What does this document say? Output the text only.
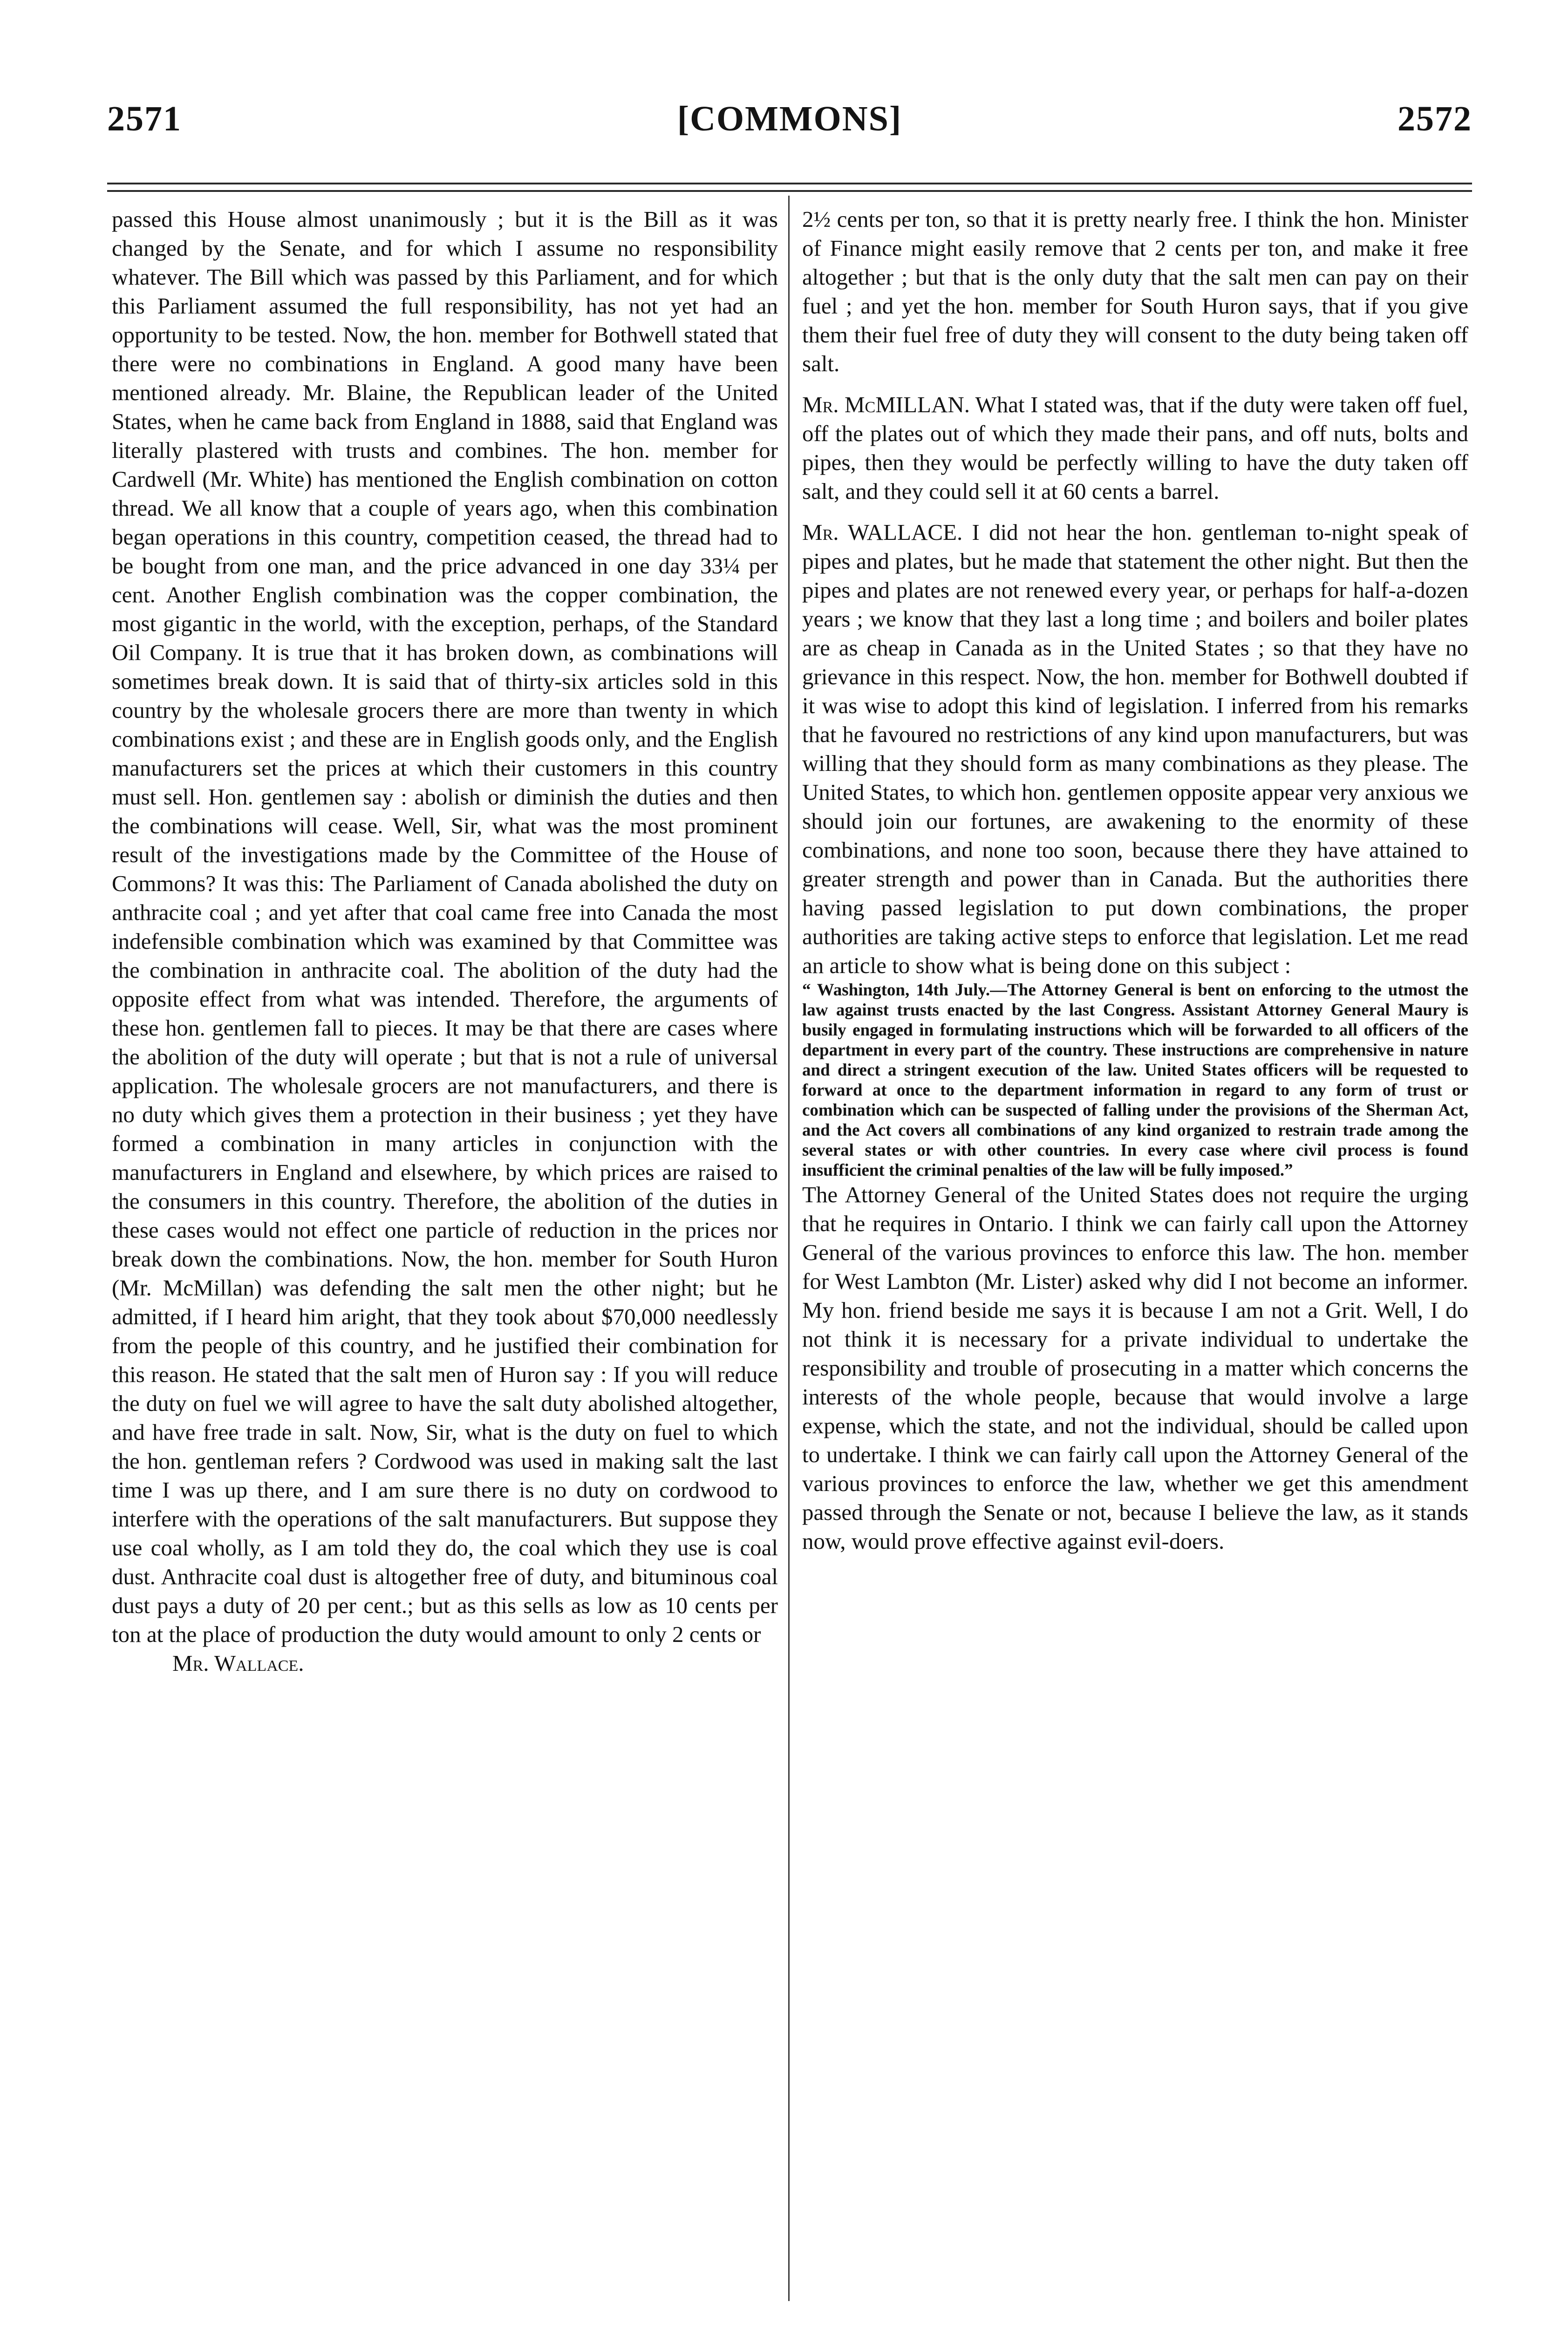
2571	[COMMONS]	2572

passed this House almost unanimously ; but it is the Bill as it was changed by the Senate, and for which I assume no responsibility whatever. The Bill which was passed by this Parliament, and for which this Parliament assumed the full responsibility, has not yet had an opportunity to be tested. Now, the hon. member for Bothwell stated that there were no combinations in England. A good many have been mentioned already. Mr. Blaine, the Republican leader of the United States, when he came back from England in 1888, said that England was literally plastered with trusts and combines. The hon. member for Cardwell (Mr. White) has mentioned the English combination on cotton thread. We all know that a couple of years ago, when this combination began operations in this country, competition ceased, the thread had to be bought from one man, and the price advanced in one day 33¼ per cent. Another English combination was the copper combination, the most gigantic in the world, with the exception, perhaps, of the Standard Oil Company. It is true that it has broken down, as combinations will sometimes break down. It is said that of thirty-six articles sold in this country by the wholesale grocers there are more than twenty in which combinations exist ; and these are in English goods only, and the English manufacturers set the prices at which their customers in this country must sell. Hon. gentlemen say : abolish or diminish the duties and then the combinations will cease. Well, Sir, what was the most prominent result of the investigations made by the Committee of the House of Commons? It was this: The Parliament of Canada abolished the duty on anthracite coal ; and yet after that coal came free into Canada the most indefensible combination which was examined by that Committee was the combination in anthracite coal. The abolition of the duty had the opposite effect from what was intended. Therefore, the arguments of these hon. gentlemen fall to pieces. It may be that there are cases where the abolition of the duty will operate ; but that is not a rule of universal application. The wholesale grocers are not manufacturers, and there is no duty which gives them a protection in their business ; yet they have formed a combination in many articles in conjunction with the manufacturers in England and elsewhere, by which prices are raised to the consumers in this country. Therefore, the abolition of the duties in these cases would not effect one particle of reduction in the prices nor break down the combinations. Now, the hon. member for South Huron (Mr. McMillan) was defending the salt men the other night; but he admitted, if I heard him aright, that they took about $70,000 needlessly from the people of this country, and he justified their combination for this reason. He stated that the salt men of Huron say : If you will reduce the duty on fuel we will agree to have the salt duty abolished altogether, and have free trade in salt. Now, Sir, what is the duty on fuel to which the hon. gentleman refers ? Cordwood was used in making salt the last time I was up there, and I am sure there is no duty on cordwood to interfere with the operations of the salt manufacturers. But suppose they use coal wholly, as I am told they do, the coal which they use is coal dust. Anthracite coal dust is altogether free of duty, and bituminous coal dust pays a duty of 20 per cent.; but as this sells as low as 10 cents per ton at the place of production the duty would amount to only 2 cents or

Mr. Wallace.

2½ cents per ton, so that it is pretty nearly free. I think the hon. Minister of Finance might easily remove that 2 cents per ton, and make it free altogether ; but that is the only duty that the salt men can pay on their fuel ; and yet the hon. member for South Huron says, that if you give them their fuel free of duty they will consent to the duty being taken off salt.

Mr. McMILLAN. What I stated was, that if the duty were taken off fuel, off the plates out of which they made their pans, and off nuts, bolts and pipes, then they would be perfectly willing to have the duty taken off salt, and they could sell it at 60 cents a barrel.

Mr. WALLACE. I did not hear the hon. gentleman to-night speak of pipes and plates, but he made that statement the other night. But then the pipes and plates are not renewed every year, or perhaps for half-a-dozen years ; we know that they last a long time ; and boilers and boiler plates are as cheap in Canada as in the United States ; so that they have no grievance in this respect. Now, the hon. member for Bothwell doubted if it was wise to adopt this kind of legislation. I inferred from his remarks that he favoured no restrictions of any kind upon manufacturers, but was willing that they should form as many combinations as they please. The United States, to which hon. gentlemen opposite appear very anxious we should join our fortunes, are awakening to the enormity of these combinations, and none too soon, because there they have attained to greater strength and power than in Canada. But the authorities there having passed legislation to put down combinations, the proper authorities are taking active steps to enforce that legislation. Let me read an article to show what is being done on this subject :

“ Washington, 14th July.—The Attorney General is bent on enforcing to the utmost the law against trusts enacted by the last Congress. Assistant Attorney General Maury is busily engaged in formulating instructions which will be forwarded to all officers of the department in every part of the country. These instructions are comprehensive in nature and direct a stringent execution of the law. United States officers will be requested to forward at once to the department information in regard to any form of trust or combination which can be suspected of falling under the provisions of the Sherman Act, and the Act covers all combinations of any kind organized to restrain trade among the several states or with other countries. In every case where civil process is found insufficient the criminal penalties of the law will be fully imposed.”

The Attorney General of the United States does not require the urging that he requires in Ontario. I think we can fairly call upon the Attorney General of the various provinces to enforce this law. The hon. member for West Lambton (Mr. Lister) asked why did I not become an informer. My hon. friend beside me says it is because I am not a Grit. Well, I do not think it is necessary for a private individual to undertake the responsibility and trouble of prosecuting in a matter which concerns the interests of the whole people, because that would involve a large expense, which the state, and not the individual, should be called upon to undertake. I think we can fairly call upon the Attorney General of the various provinces to enforce the law, whether we get this amendment passed through the Senate or not, because I believe the law, as it stands now, would prove effective against evil-doers.
